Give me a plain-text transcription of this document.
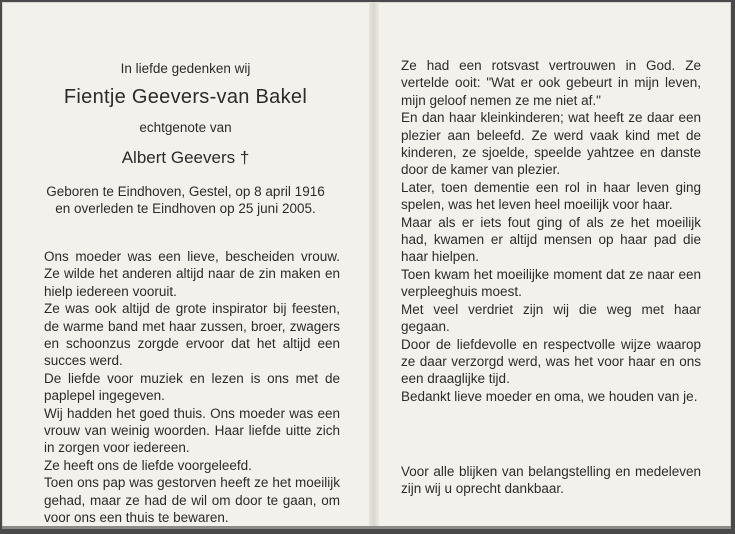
In liefde gedenken wij
Fientje Geevers-van Bakel
echtgenote van
Albert Geevers †
Geboren te Eindhoven, Gestel, op 8 april 1916
en overleden te Eindhoven op 25 juni 2005.

Ons moeder was een lieve, bescheiden vrouw. Ze wilde het anderen altijd naar de zin maken en hielp iedereen vooruit.

Ze was ook altijd de grote inspirator bij feesten, de warme band met haar zussen, broer, zwagers en schoonzus zorgde ervoor dat het altijd een succes werd.

De liefde voor muziek en lezen is ons met de paplepel ingegeven.

Wij hadden het goed thuis. Ons moeder was een vrouw van weinig woorden. Haar liefde uitte zich in zorgen voor iedereen.

Ze heeft ons de liefde voorgeleefd.

Toen ons pap was gestorven heeft ze het moeilijk gehad, maar ze had de wil om door te gaan, om voor ons een thuis te bewaren.

Ze had een rotsvast vertrouwen in God. Ze vertelde ooit: "Wat er ook gebeurt in mijn leven, mijn geloof nemen ze me niet af."

En dan haar kleinkinderen; wat heeft ze daar een plezier aan beleefd. Ze werd vaak kind met de kinderen, ze sjoelde, speelde yahtzee en danste door de kamer van plezier.

Later, toen dementie een rol in haar leven ging spelen, was het leven heel moeilijk voor haar.

Maar als er iets fout ging of als ze het moeilijk had, kwamen er altijd mensen op haar pad die haar hielpen.

Toen kwam het moeilijke moment dat ze naar een verpleeghuis moest.

Met veel verdriet zijn wij die weg met haar gegaan.

Door de liefdevolle en respectvolle wijze waarop ze daar verzorgd werd, was het voor haar en ons een draaglijke tijd.

Bedankt lieve moeder en oma, we houden van je.

Voor alle blijken van belangstelling en medeleven zijn wij u oprecht dankbaar.
